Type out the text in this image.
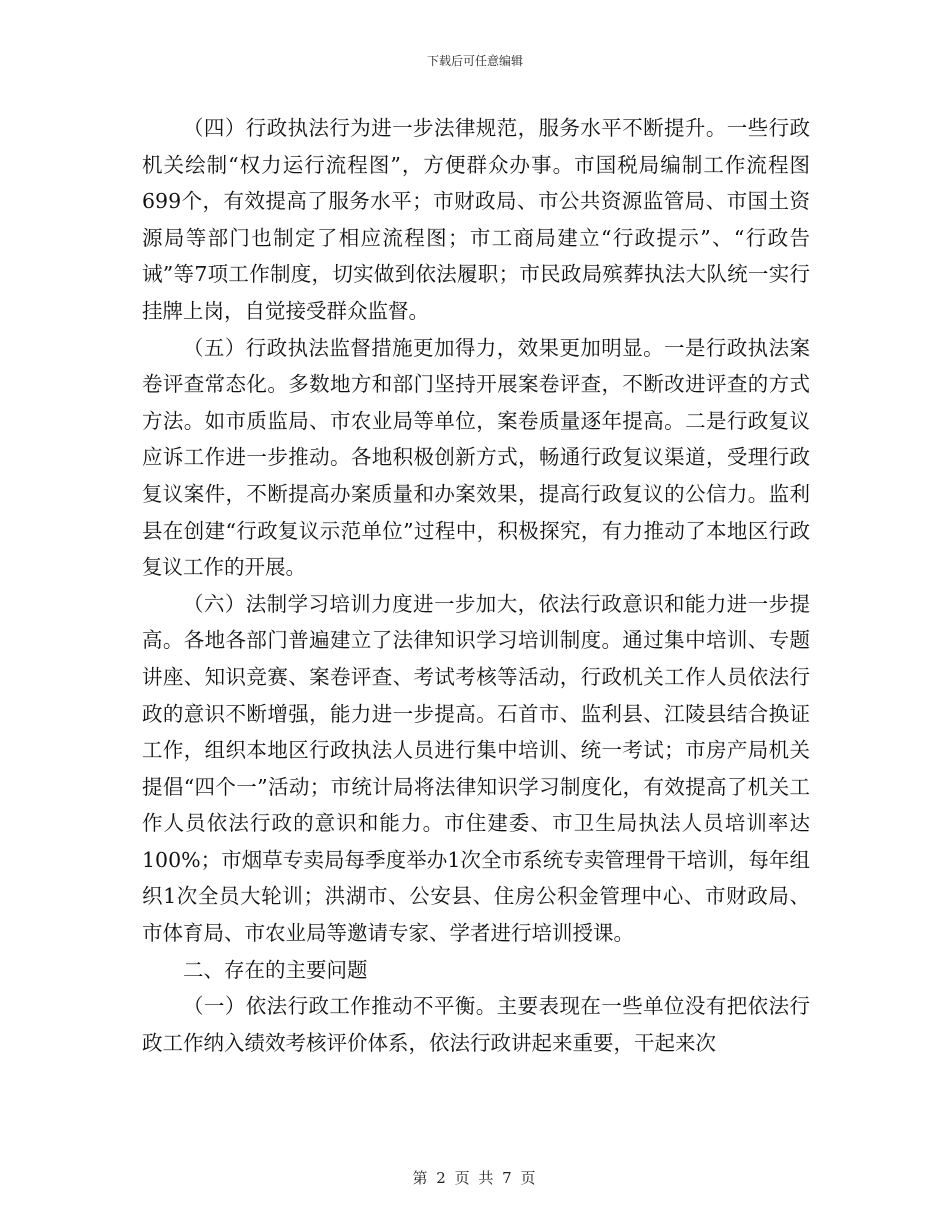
下载后可任意编辑

（四）行政执法行为进一步法律规范，服务水平不断提升。一些行政机关绘制“权力运行流程图”，方便群众办事。市国税局编制工作流程图699个，有效提高了服务水平；市财政局、市公共资源监管局、市国土资源局等部门也制定了相应流程图；市工商局建立“行政提示”、“行政告诫”等7项工作制度，切实做到依法履职；市民政局殡葬执法大队统一实行挂牌上岗，自觉接受群众监督。

（五）行政执法监督措施更加得力，效果更加明显。一是行政执法案卷评查常态化。多数地方和部门坚持开展案卷评查，不断改进评查的方式方法。如市质监局、市农业局等单位，案卷质量逐年提高。二是行政复议应诉工作进一步推动。各地积极创新方式，畅通行政复议渠道，受理行政复议案件，不断提高办案质量和办案效果，提高行政复议的公信力。监利县在创建“行政复议示范单位”过程中，积极探究，有力推动了本地区行政复议工作的开展。

（六）法制学习培训力度进一步加大，依法行政意识和能力进一步提高。各地各部门普遍建立了法律知识学习培训制度。通过集中培训、专题讲座、知识竞赛、案卷评查、考试考核等活动，行政机关工作人员依法行政的意识不断增强，能力进一步提高。石首市、监利县、江陵县结合换证工作，组织本地区行政执法人员进行集中培训、统一考试；市房产局机关提倡“四个一”活动；市统计局将法律知识学习制度化，有效提高了机关工作人员依法行政的意识和能力。市住建委、市卫生局执法人员培训率达100%；市烟草专卖局每季度举办1次全市系统专卖管理骨干培训，每年组织1次全员大轮训；洪湖市、公安县、住房公积金管理中心、市财政局、市体育局、市农业局等邀请专家、学者进行培训授课。

二、存在的主要问题

（一）依法行政工作推动不平衡。主要表现在一些单位没有把依法行政工作纳入绩效考核评价体系，依法行政讲起来重要，干起来次

第 2 页 共 7 页
